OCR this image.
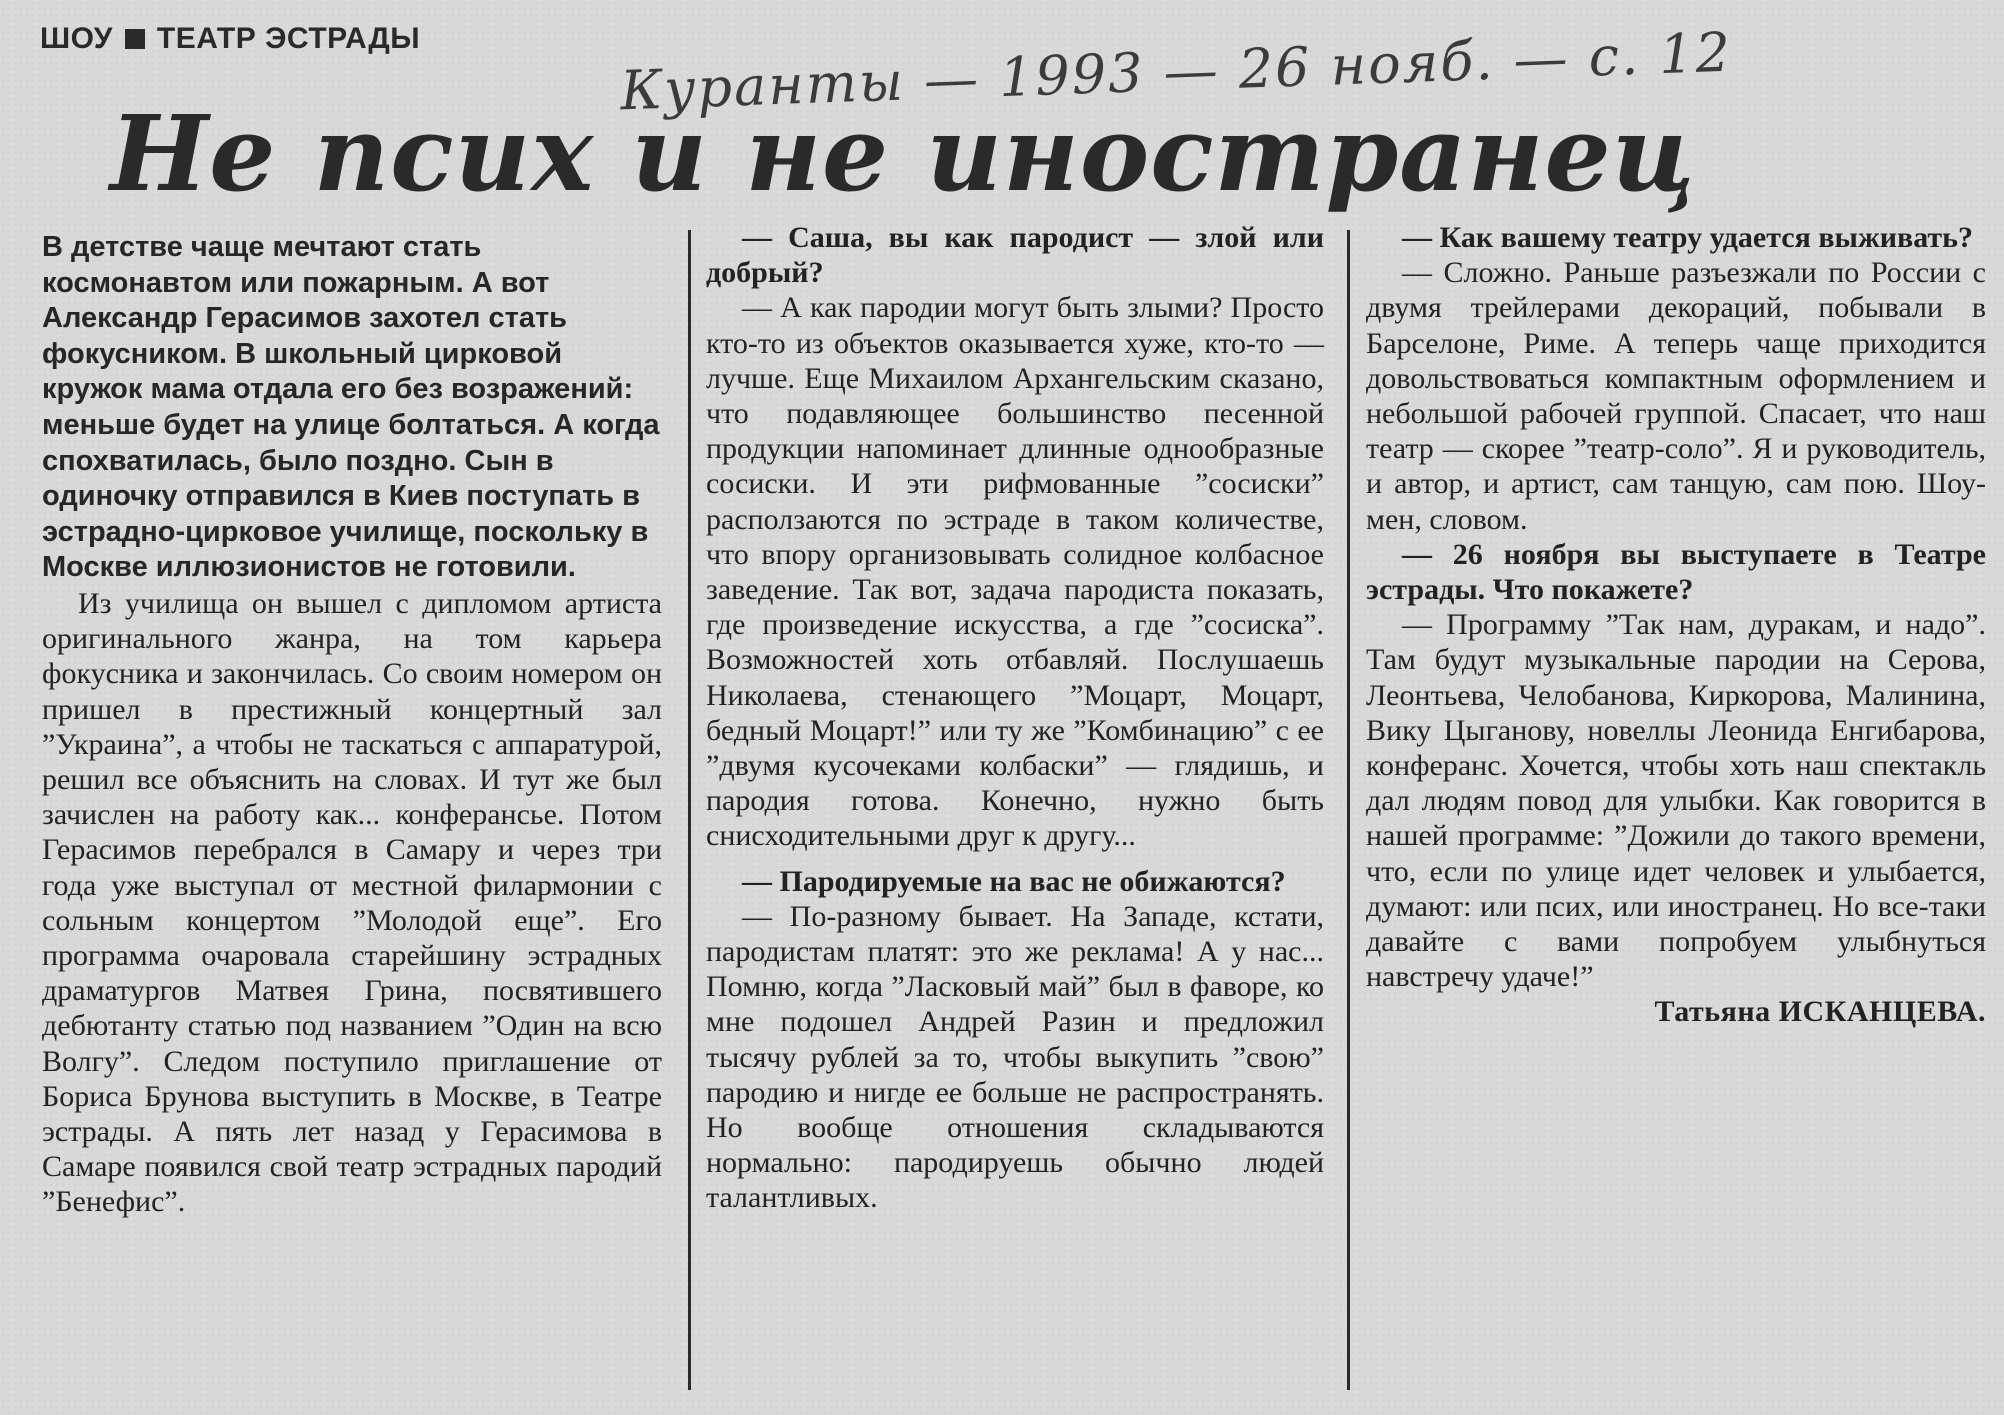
ШОУ ТЕАТР ЭСТРАДЫ	Куранты — 1993 — 26 нояб. — с. 12
Не псих и не иностранец

В детстве чаще мечтают стать космонавтом или пожарным. А вот Александр Герасимов захотел стать фокусником. В школьный цирковой кружок мама отдала его без возражений: меньше будет на улице болтаться. А когда спохватилась, было поздно. Сын в одиночку отправился в Киев поступать в эстрадно-цирковое училище, поскольку в Москве иллюзионистов не готовили.

Из училища он вышел с дипломом артиста оригинального жанра, на том карьера фокусника и закончилась. Со своим номером он пришел в престижный концертный зал ”Украина”, а чтобы не таскаться с аппаратурой, решил все объяснить на словах. И тут же был зачислен на работу как... конферансье. Потом Герасимов перебрался в Самару и через три года уже выступал от местной филармонии с сольным концертом ”Молодой еще”. Его программа очаровала старейшину эстрадных драматургов Матвея Грина, посвятившего дебютанту статью под названием ”Один на всю Волгу”. Следом поступило приглашение от Бориса Брунова выступить в Москве, в Театре эстрады. А пять лет назад у Герасимова в Самаре появился свой театр эстрадных пародий ”Бенефис”.

— Саша, вы как пародист — злой или добрый?

— А как пародии могут быть злыми? Просто кто-то из объектов оказывается хуже, кто-то — лучше. Еще Михаилом Архангельским сказано, что подавляющее большинство песенной продукции напоминает длинные однообразные сосиски. И эти рифмованные ”сосиски” расползаются по эстраде в таком количестве, что впору организовывать солидное колбасное заведение. Так вот, задача пародиста показать, где произведение искусства, а где ”сосиска”. Возможностей хоть отбавляй. Послушаешь Николаева, стенающего ”Моцарт, Моцарт, бедный Моцарт!” или ту же ”Комбинацию” с ее ”двумя кусочеками колбаски” — глядишь, и пародия готова. Конечно, нужно быть снисходительными друг к другу...

— Пародируемые на вас не обижаются?

— По-разному бывает. На Западе, кстати, пародистам платят: это же реклама! А у нас... Помню, когда ”Ласковый май” был в фаворе, ко мне подошел Андрей Разин и предложил тысячу рублей за то, чтобы выкупить ”свою” пародию и нигде ее больше не распространять. Но вообще отношения складываются нормально: пародируешь обычно людей талантливых.

— Как вашему театру удается выживать?

— Сложно. Раньше разъезжали по России с двумя трейлерами декораций, побывали в Барселоне, Риме. А теперь чаще приходится довольствоваться компактным оформлением и небольшой рабочей группой. Спасает, что наш театр — скорее ”театр-соло”. Я и руководитель, и автор, и артист, сам танцую, сам пою. Шоу-мен, словом.

— 26 ноября вы выступаете в Театре эстрады. Что покажете?

— Программу ”Так нам, дуракам, и надо”. Там будут музыкальные пародии на Серова, Леонтьева, Челобанова, Киркорова, Малинина, Вику Цыганову, новеллы Леонида Енгибарова, конферанс. Хочется, чтобы хоть наш спектакль дал людям повод для улыбки. Как говорится в нашей программе: ”Дожили до такого времени, что, если по улице идет человек и улыбается, думают: или псих, или иностранец. Но все-таки давайте с вами попробуем улыбнуться навстречу удаче!”

Татьяна ИСКАНЦЕВА.
